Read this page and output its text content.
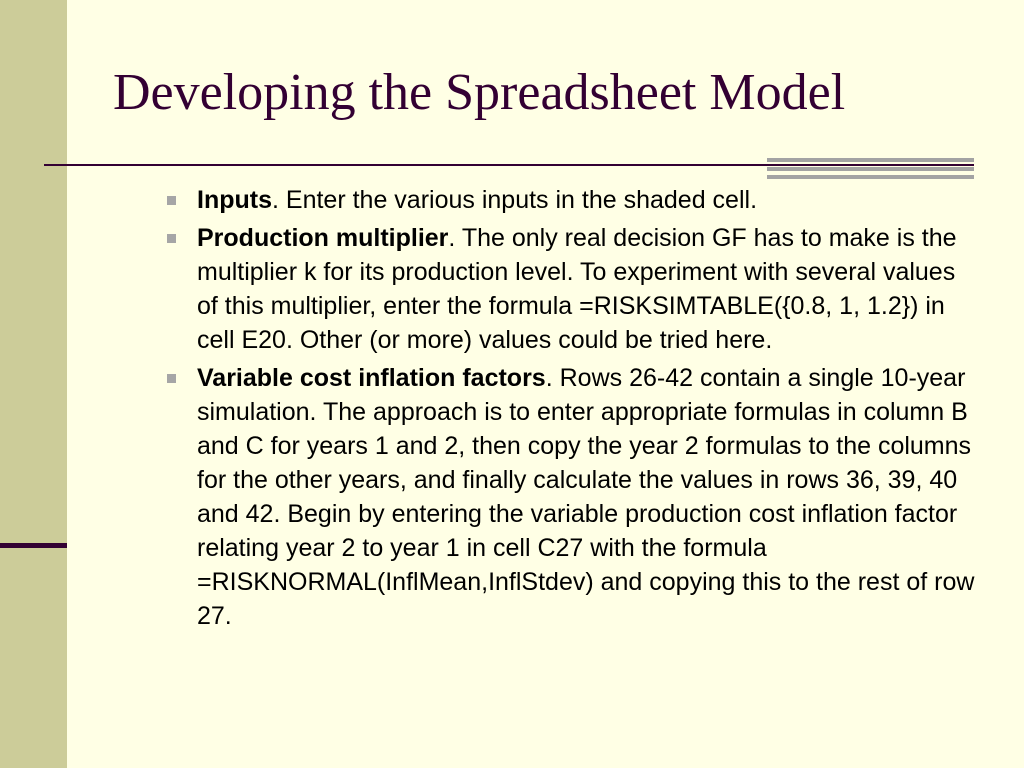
Developing the Spreadsheet Model
Inputs. Enter the various inputs in the shaded cell.
Production multiplier. The only real decision GF has to make is the multiplier k for its production level. To experiment with several values of this multiplier, enter the formula =RISKSIMTABLE({0.8, 1, 1.2}) in cell E20. Other (or more) values could be tried here.
Variable cost inflation factors. Rows 26-42 contain a single 10-year simulation. The approach is to enter appropriate formulas in column B and C for years 1 and 2, then copy the year 2 formulas to the columns for the other years, and finally calculate the values in rows 36, 39, 40 and 42. Begin by entering the variable production cost inflation factor relating year 2 to year 1 in cell C27 with the formula =RISKNORMAL(InflMean,InflStdev) and copying this to the rest of row 27.
